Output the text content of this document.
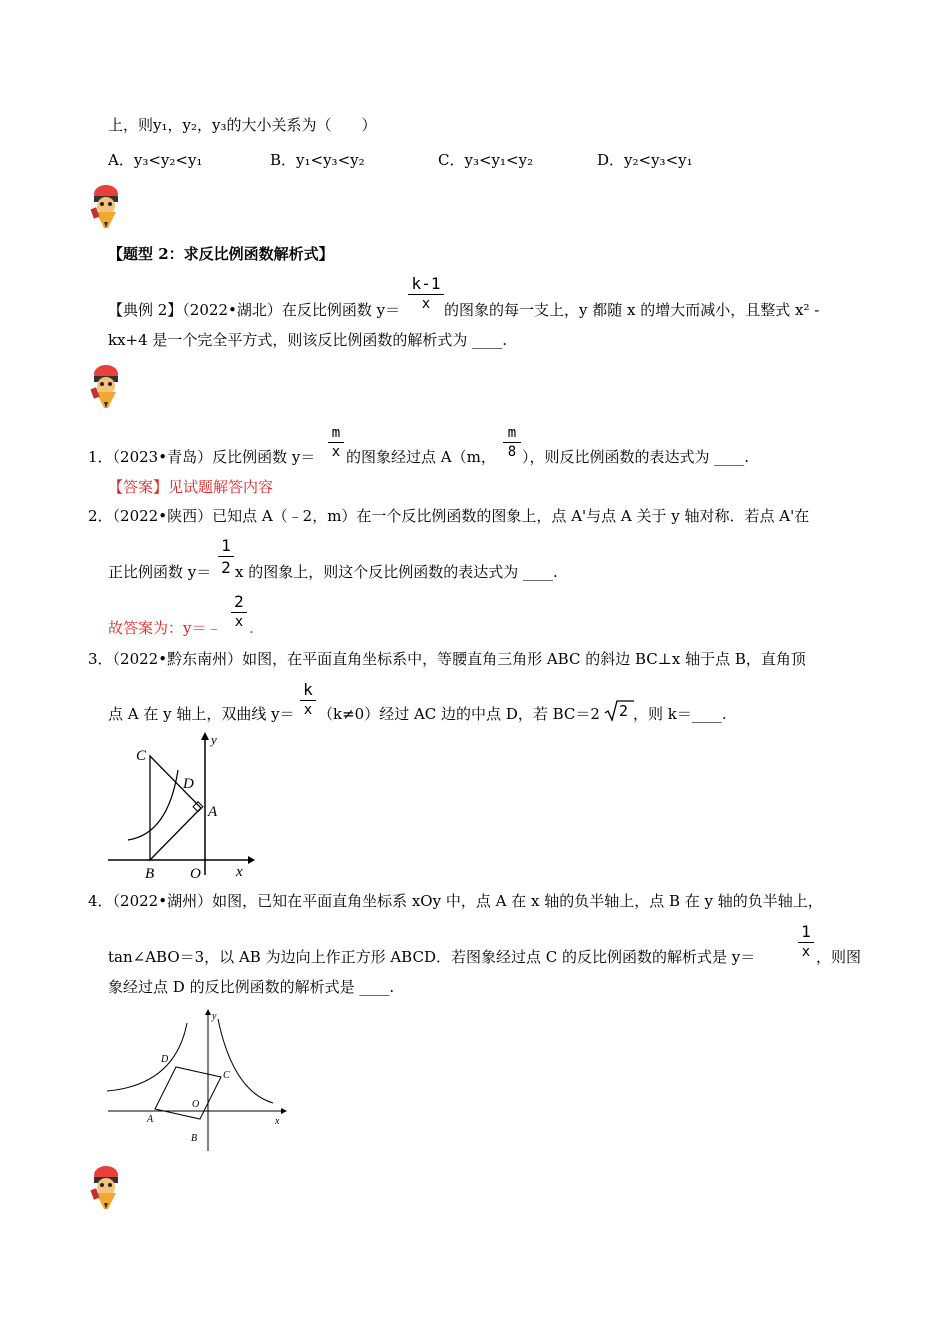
上，则y₁，y₂，y₃的大小关系为（　　）
A．y₃<y₂<y₁	B．y₁<y₃<y₂	C．y₃<y₁<y₂	D．y₂<y₃<y₁
【题型 2：求反比例函数解析式】
【典例 2】（2022•湖北）在反比例函数 y＝
k-1
x 的图象的每一支上，y 都随 x 的增大而减小，且整式 x² -
kx+4 是一个完全平方式，则该反比例函数的解析式为 ____.
1．（2023•青岛）反比例函数 y＝
m
x 的图象经过点 A（m，
m
8 ），则反比例函数的表达式为 ____.
【答案】见试题解答内容
2．（2022•陕西）已知点 A（﹣2，m）在一个反比例函数的图象上，点 A'与点 A 关于 y 轴对称．若点 A'在
正比例函数 y＝
1
2 x 的图象上，则这个反比例函数的表达式为 ____.
故答案为：y＝﹣
2
x .
3．（2022•黔东南州）如图，在平面直角坐标系中，等腰直角三角形 ABC 的斜边 BC⊥x 轴于点 B，直角顶
点 A 在 y 轴上，双曲线 y＝
k
x （k≠0）经过 AC 边的中点 D，若 BC＝2 2 ，则 k＝____.
C
D
A
B O x
y
4．（2022•湖州）如图，已知在平面直角坐标系 xOy 中，点 A 在 x 轴的负半轴上，点 B 在 y 轴的负半轴上，
tan∠ABO＝3，以 AB 为边向上作正方形 ABCD．若图象经过点 C 的反比例函数的解析式是 y＝
1
x ，则图
象经过点 D 的反比例函数的解析式是 ____.
D
C
A
O
B
x
y
